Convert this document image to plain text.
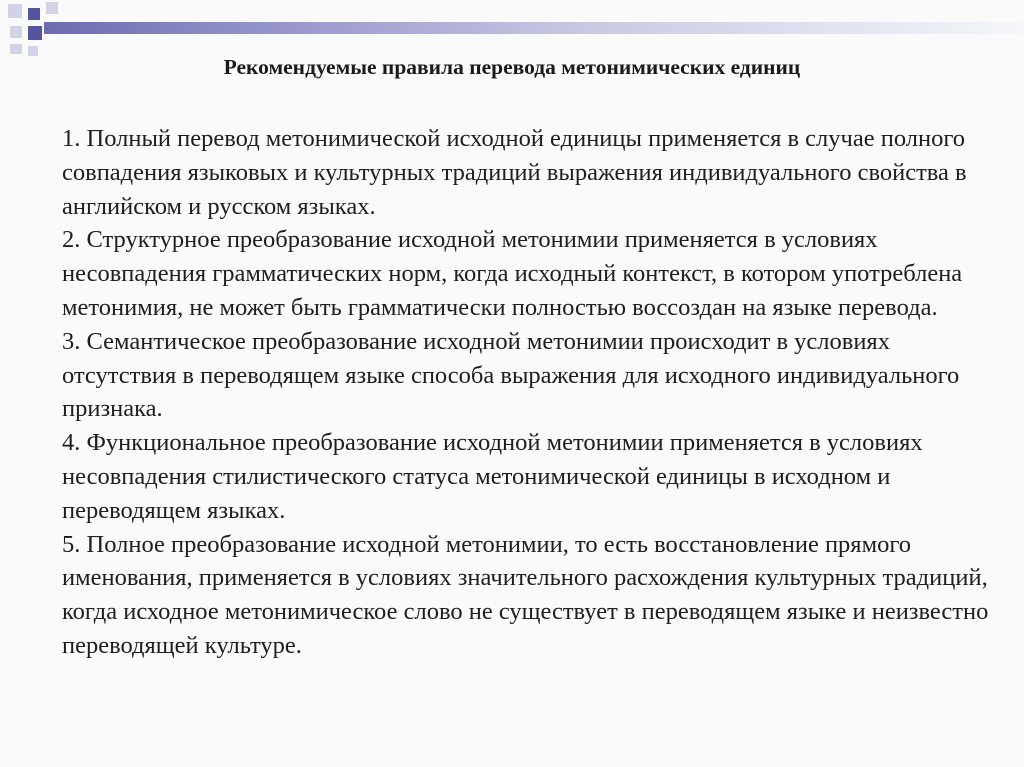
Рекомендуемые правила перевода метонимических единиц

1. Полный перевод метонимической исходной единицы применяется в случае полного совпадения языковых и культурных традиций выражения индивидуального свойства в английском и русском языках.

2. Структурное преобразование исходной метонимии применяется в условиях несовпадения грамматических норм, когда исходный контекст, в котором употреблена метонимия, не может быть грамматически полностью воссоздан на языке перевода.

3. Семантическое преобразование исходной метонимии происходит в условиях отсутствия в переводящем языке способа выражения для исходного индивидуального признака.

4. Функциональное преобразование исходной метонимии применяется в условиях несовпадения стилистического статуса метонимической единицы в исходном и переводящем языках.

5. Полное преобразование исходной метонимии, то есть восстановление прямого именования, применяется в условиях значительного расхождения культурных традиций, когда исходное метонимическое слово не существует в переводящем языке и неизвестно переводящей культуре.
